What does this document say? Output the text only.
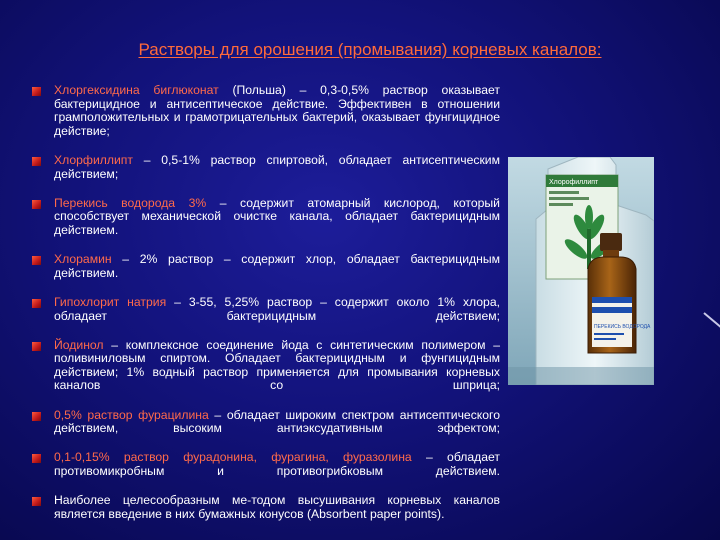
Растворы для орошения (промывания) корневых каналов:
Хлоргексидина биглюконат (Польша) – 0,3-0,5% раствор оказывает бактерицидное и антисептическое действие. Эффективен в отношении грамположительных и грамотрицательных бактерий, оказывает фунгицидное действие;
Хлорфиллипт – 0,5-1% раствор спиртовой, обладает антисептическим действием;
Перекись водорода 3% – содержит атомарный кислород, который способствует механической очистке канала, обладает бактерицидным действием.
Хлорамин – 2% раствор – содержит хлор, обладает бактерицидным действием.
Гипохлорит натрия – 3-55, 5,25% раствор – содержит около 1% хлора, обладает бактерицидным действием;
Йодинол – комплексное соединение йода с синтетическим полимером – поливиниловым спиртом. Обладает бактерицидным и фунгицидным действием; 1% водный раствор применяется для промывания корневых каналов со шприца;
0,5% раствор фурацилина – обладает широким спектром антисептического действием, высоким антиэксудативным эффектом;
0,1-0,15% раствор фурадонина, фурагина, фуразолина – обладает противомикробным и противогрибковым действием.
Наиболее целесообразным ме-тодом высушивания корневых каналов является введение в них бумажных конусов (Absorbent paper points).
Хлорофиллипт
ПЕРЕКИСЬ ВОДОРОДА
